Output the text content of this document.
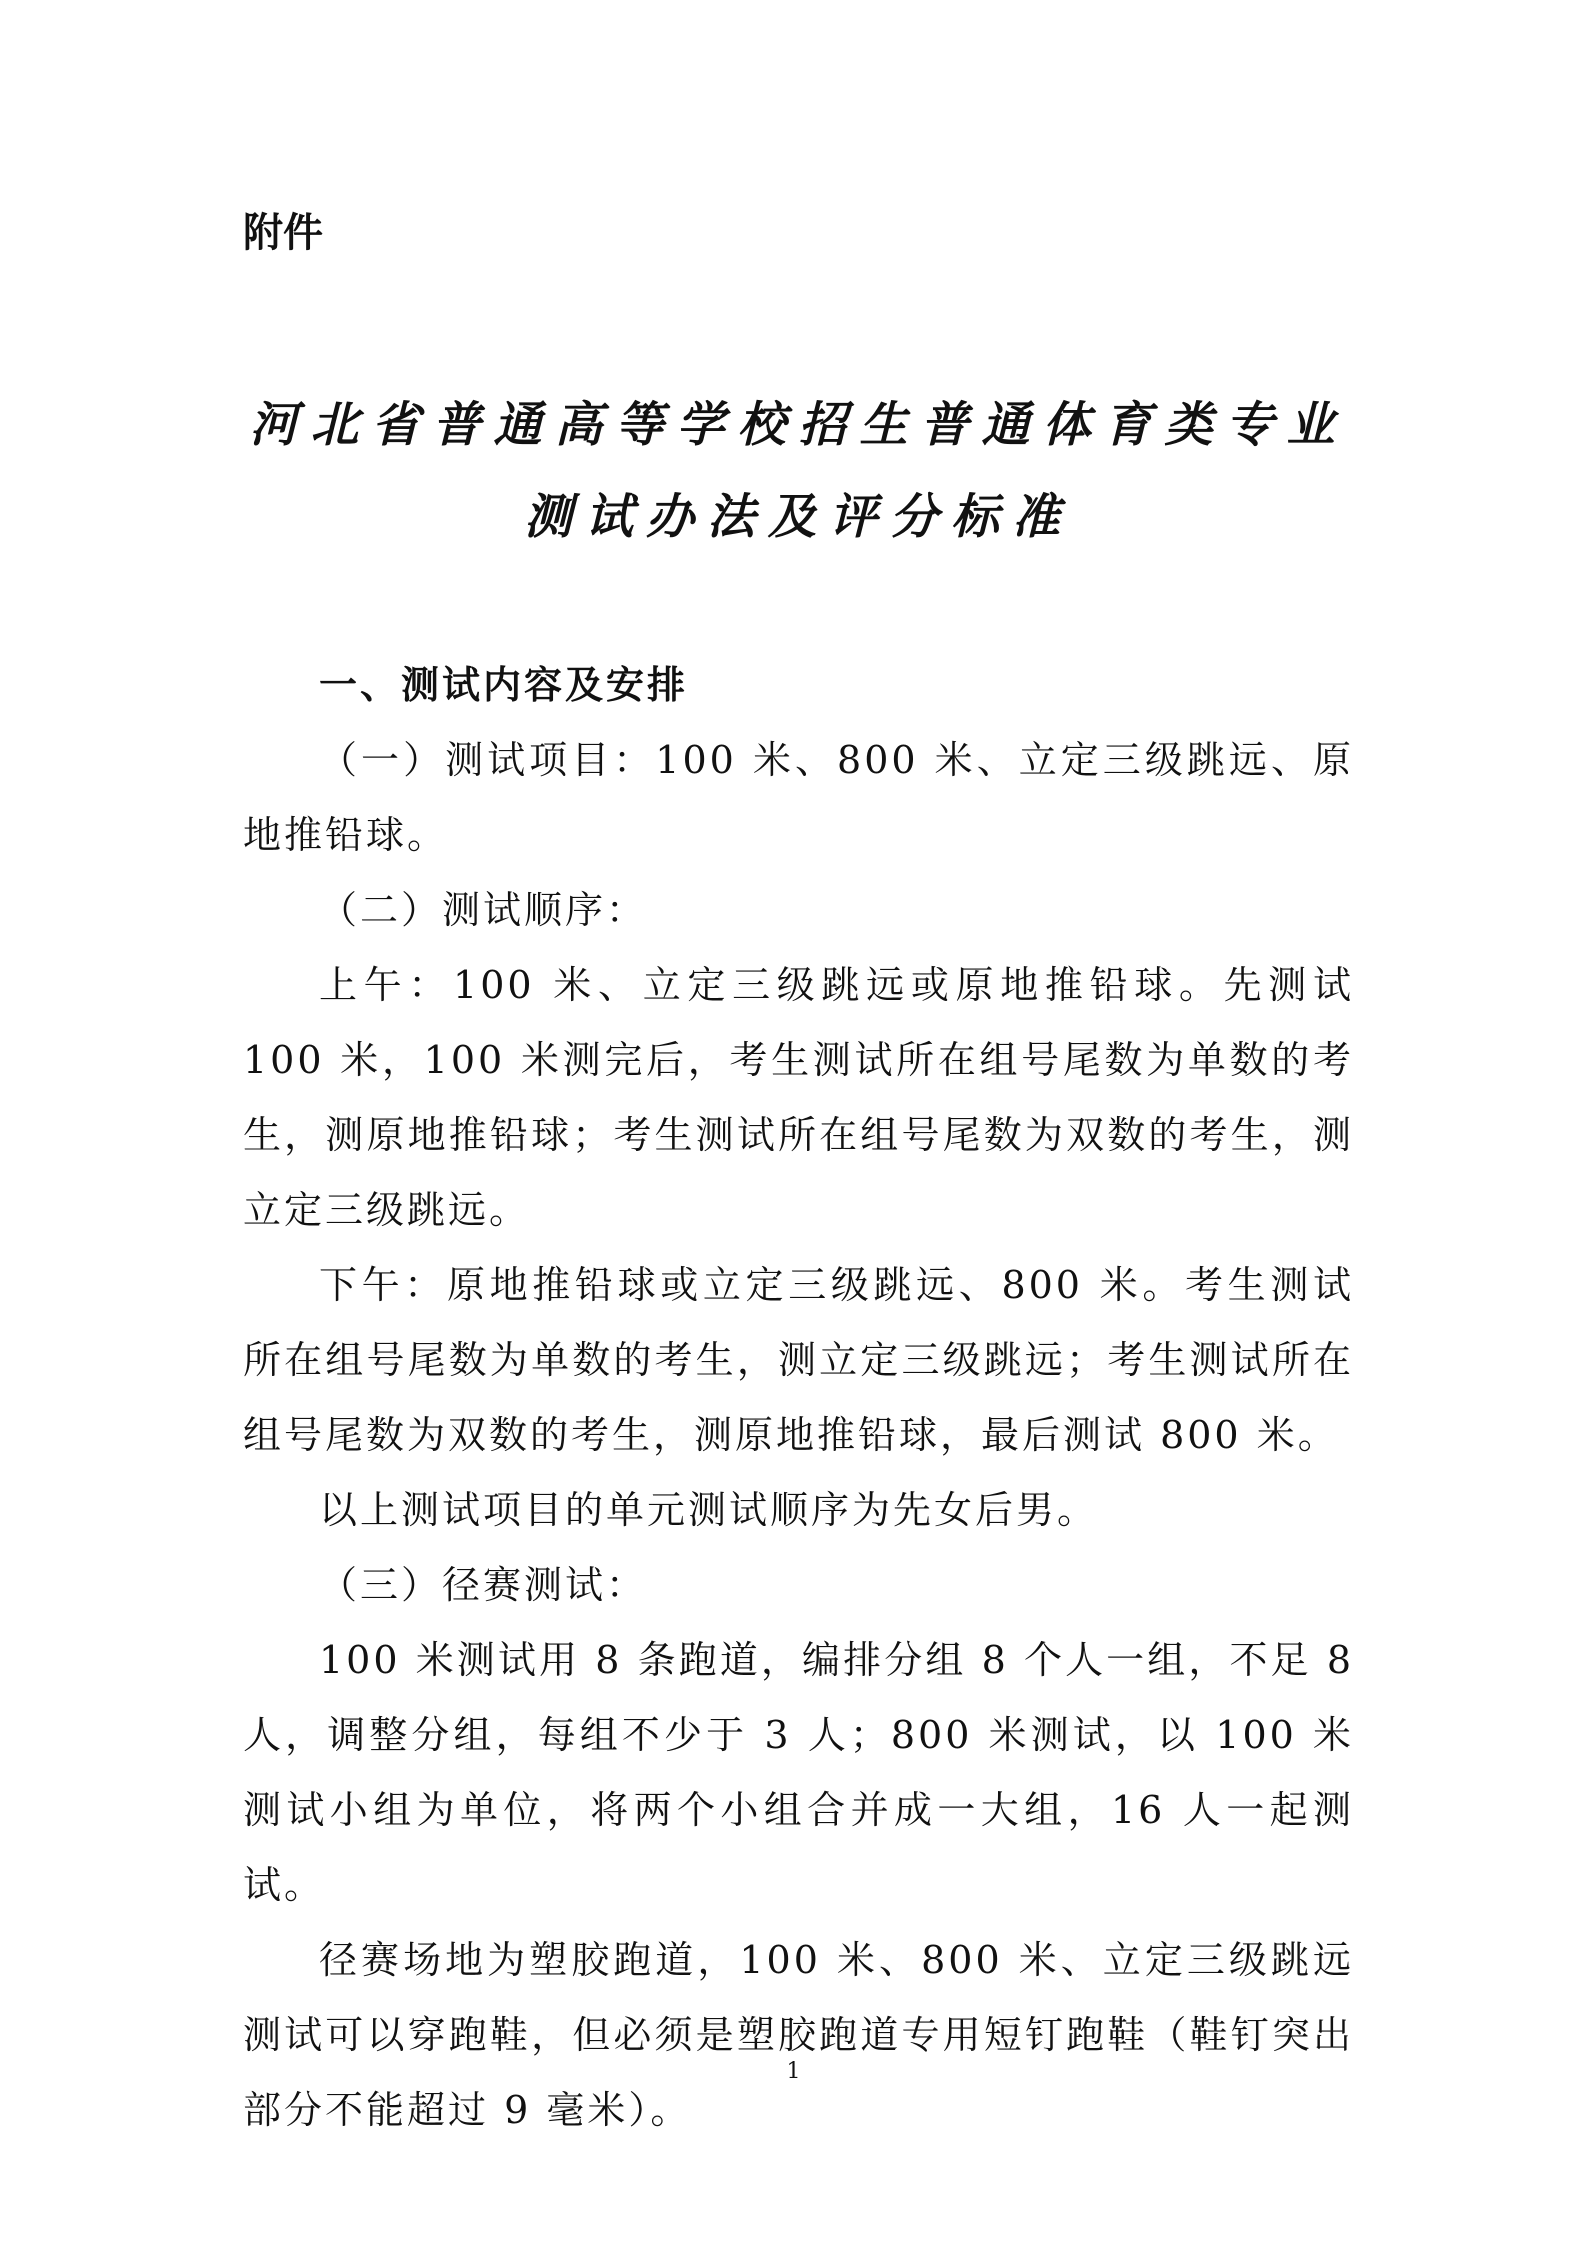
附件
河北省普通高等学校招生普通体育类专业
测试办法及评分标准
一、测试内容及安排

（一）测试项目：100 米、800 米、立定三级跳远、原地推铅球。

（二）测试顺序：

上午：100 米、立定三级跳远或原地推铅球。先测试 100 米，100 米测完后，考生测试所在组号尾数为单数的考生，测原地推铅球；考生测试所在组号尾数为双数的考生，测立定三级跳远。

下午：原地推铅球或立定三级跳远、800 米。考生测试所在组号尾数为单数的考生，测立定三级跳远；考生测试所在组号尾数为双数的考生，测原地推铅球，最后测试 800 米。

以上测试项目的单元测试顺序为先女后男。

（三）径赛测试：

100 米测试用 8 条跑道，编排分组 8 个人一组，不足 8 人，调整分组，每组不少于 3 人；800 米测试，以 100 米测试小组为单位，将两个小组合并成一大组，16 人一起测试。

径赛场地为塑胶跑道，100 米、800 米、立定三级跳远测试可以穿跑鞋，但必须是塑胶跑道专用短钉跑鞋（鞋钉突出部分不能超过 9 毫米）。

1
